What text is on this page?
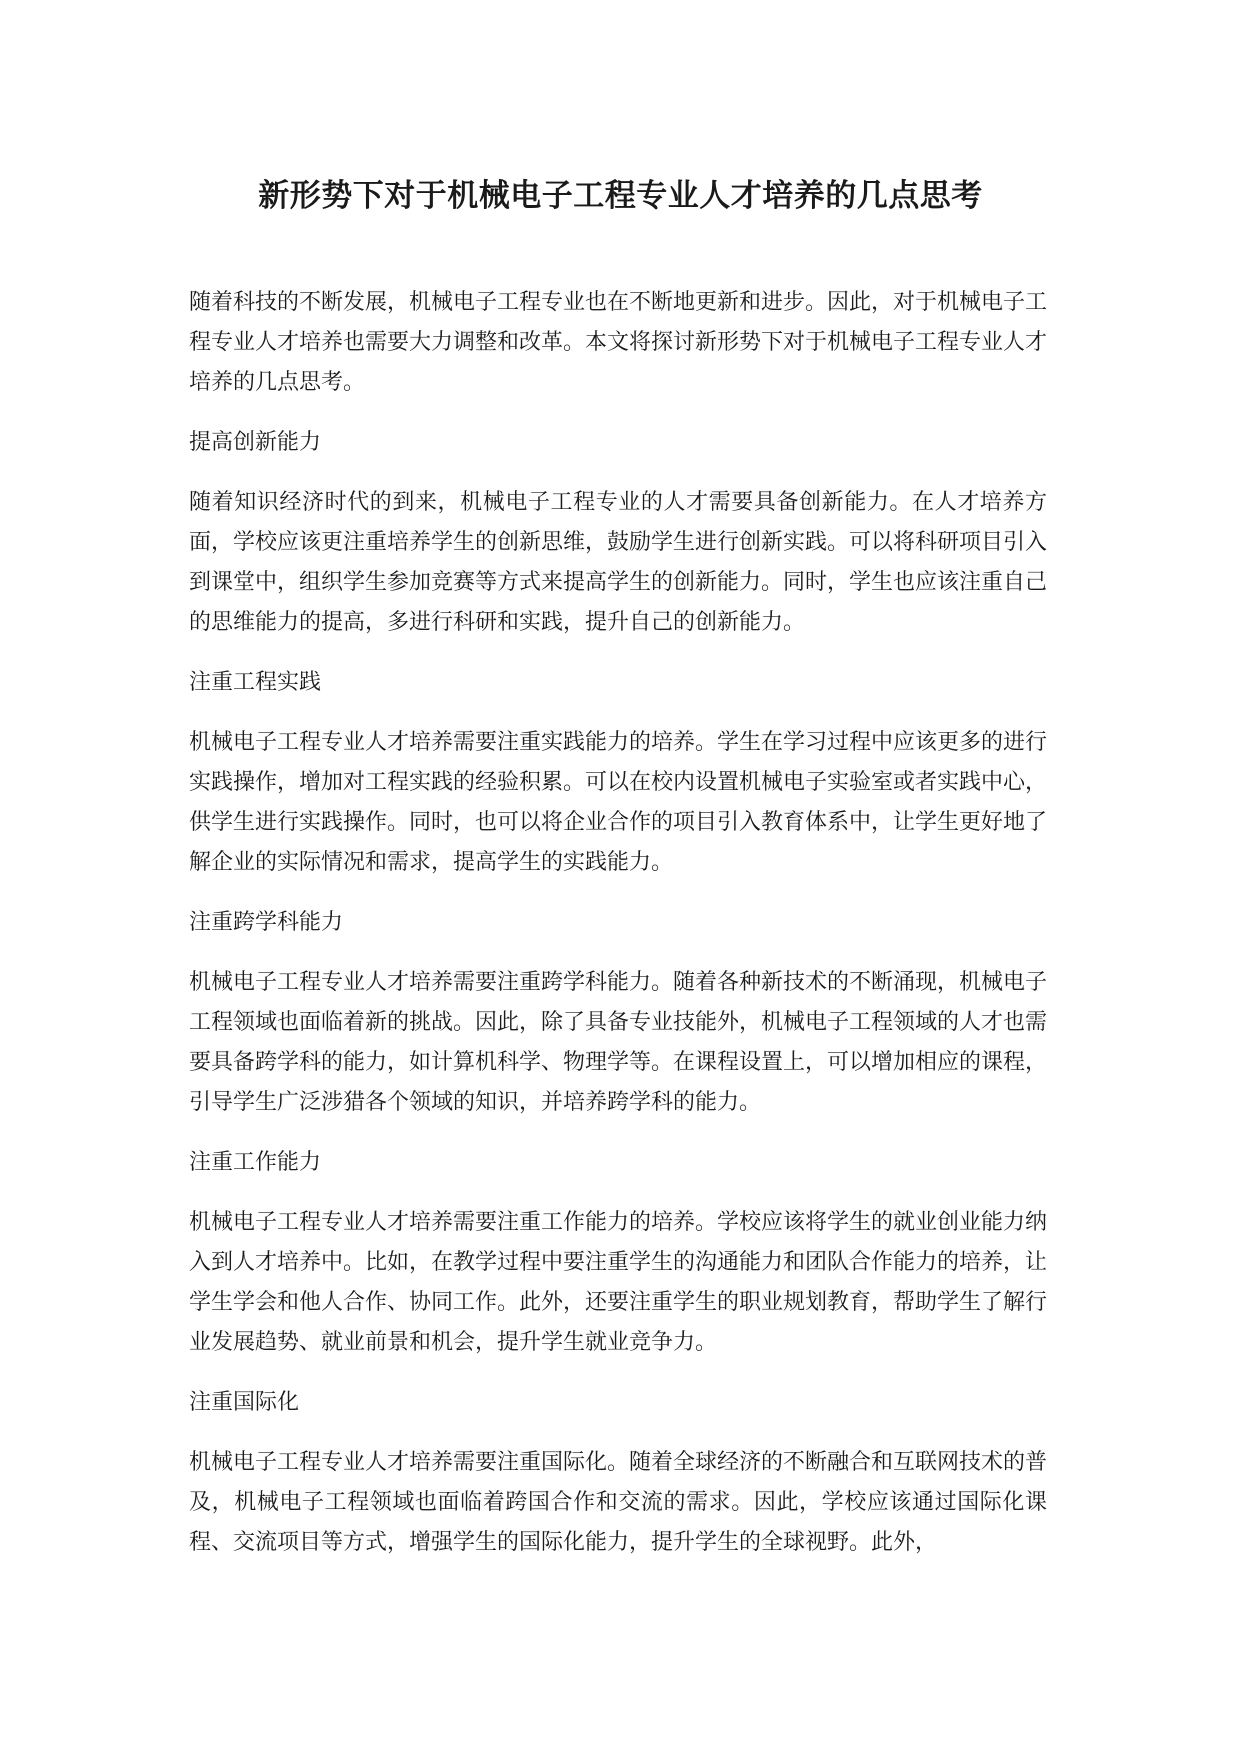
新形势下对于机械电子工程专业人才培养的几点思考

随着科技的不断发展，机械电子工程专业也在不断地更新和进步。因此，对于机械电子工程专业人才培养也需要大力调整和改革。本文将探讨新形势下对于机械电子工程专业人才培养的几点思考。

提高创新能力

随着知识经济时代的到来，机械电子工程专业的人才需要具备创新能力。在人才培养方面，学校应该更注重培养学生的创新思维，鼓励学生进行创新实践。可以将科研项目引入到课堂中，组织学生参加竞赛等方式来提高学生的创新能力。同时，学生也应该注重自己的思维能力的提高，多进行科研和实践，提升自己的创新能力。

注重工程实践

机械电子工程专业人才培养需要注重实践能力的培养。学生在学习过程中应该更多的进行实践操作，增加对工程实践的经验积累。可以在校内设置机械电子实验室或者实践中心，供学生进行实践操作。同时，也可以将企业合作的项目引入教育体系中，让学生更好地了解企业的实际情况和需求，提高学生的实践能力。

注重跨学科能力

机械电子工程专业人才培养需要注重跨学科能力。随着各种新技术的不断涌现，机械电子工程领域也面临着新的挑战。因此，除了具备专业技能外，机械电子工程领域的人才也需要具备跨学科的能力，如计算机科学、物理学等。在课程设置上，可以增加相应的课程，引导学生广泛涉猎各个领域的知识，并培养跨学科的能力。

注重工作能力

机械电子工程专业人才培养需要注重工作能力的培养。学校应该将学生的就业创业能力纳入到人才培养中。比如，在教学过程中要注重学生的沟通能力和团队合作能力的培养，让学生学会和他人合作、协同工作。此外，还要注重学生的职业规划教育，帮助学生了解行业发展趋势、就业前景和机会，提升学生就业竞争力。

注重国际化

机械电子工程专业人才培养需要注重国际化。随着全球经济的不断融合和互联网技术的普及，机械电子工程领域也面临着跨国合作和交流的需求。因此，学校应该通过国际化课程、交流项目等方式，增强学生的国际化能力，提升学生的全球视野。此外，
